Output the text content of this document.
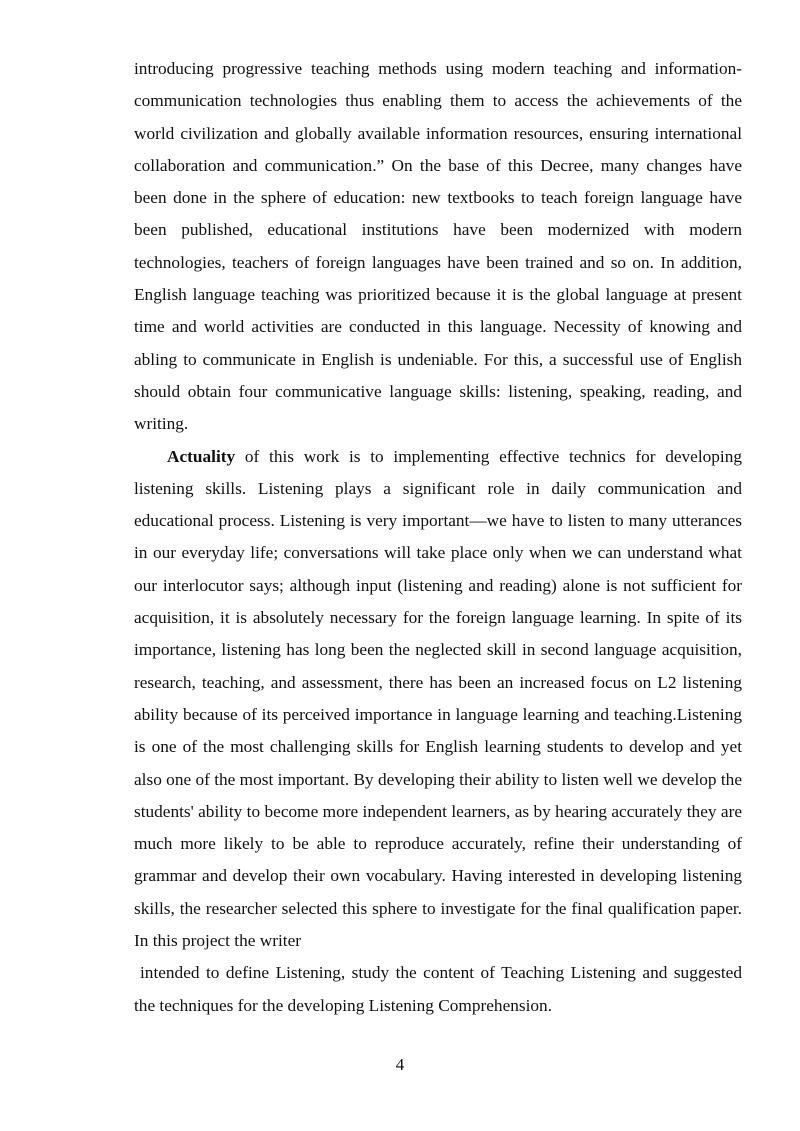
introducing progressive teaching methods using modern teaching and information-communication technologies thus enabling them to access the achievements of the world civilization and globally available information resources, ensuring international collaboration and communication.” On the base of this Decree, many changes have been done in the sphere of education: new textbooks to teach foreign language have been published, educational institutions have been modernized with modern technologies, teachers of foreign languages have been trained and so on. In addition, English language teaching was prioritized because it is the global language at present time and world activities are conducted in this language. Necessity of knowing and abling to communicate in English is undeniable. For this, a successful use of English should obtain four communicative language skills: listening, speaking, reading, and writing.

Actuality of this work is to implementing effective technics for developing listening skills. Listening plays a significant role in daily communication and educational process. Listening is very important—we have to listen to many utterances in our everyday life; conversations will take place only when we can understand what our interlocutor says; although input (listening and reading) alone is not sufficient for acquisition, it is absolutely necessary for the foreign language learning. In spite of its importance, listening has long been the neglected skill in second language acquisition, research, teaching, and assessment, there has been an increased focus on L2 listening ability because of its perceived importance in language learning and teaching.Listening is one of the most challenging skills for English learning students to develop and yet also one of the most important. By developing their ability to listen well we develop the students' ability to become more independent learners, as by hearing accurately they are much more likely to be able to reproduce accurately, refine their understanding of grammar and develop their own vocabulary. Having interested in developing listening skills, the researcher selected this sphere to investigate for the final qualification paper. In this project the writer

intended to define Listening, study the content of Teaching Listening and suggested the techniques for the developing Listening Comprehension.

4
